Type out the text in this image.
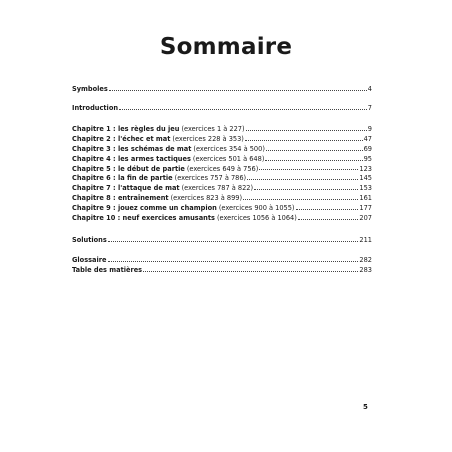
Sommaire
Symboles	4
Introduction	7
Chapitre 1 : les règles du jeu (exercices 1 à 227)	9
Chapitre 2 : l'échec et mat (exercices 228 à 353)	47
Chapitre 3 : les schémas de mat (exercices 354 à 500)	69
Chapitre 4 : les armes tactiques (exercices 501 à 648)	95
Chapitre 5 : le début de partie (exercices 649 à 756)	123
Chapitre 6 : la fin de partie (exercices 757 à 786)	145
Chapitre 7 : l'attaque de mat (exercices 787 à 822)	153
Chapitre 8 : entraînement (exercices 823 à 899)	161
Chapitre 9 : jouez comme un champion (exercices 900 à 1055)	177
Chapitre 10 : neuf exercices amusants (exercices 1056 à 1064)	207
Solutions	211
Glossaire	282
Table des matières	283
5
